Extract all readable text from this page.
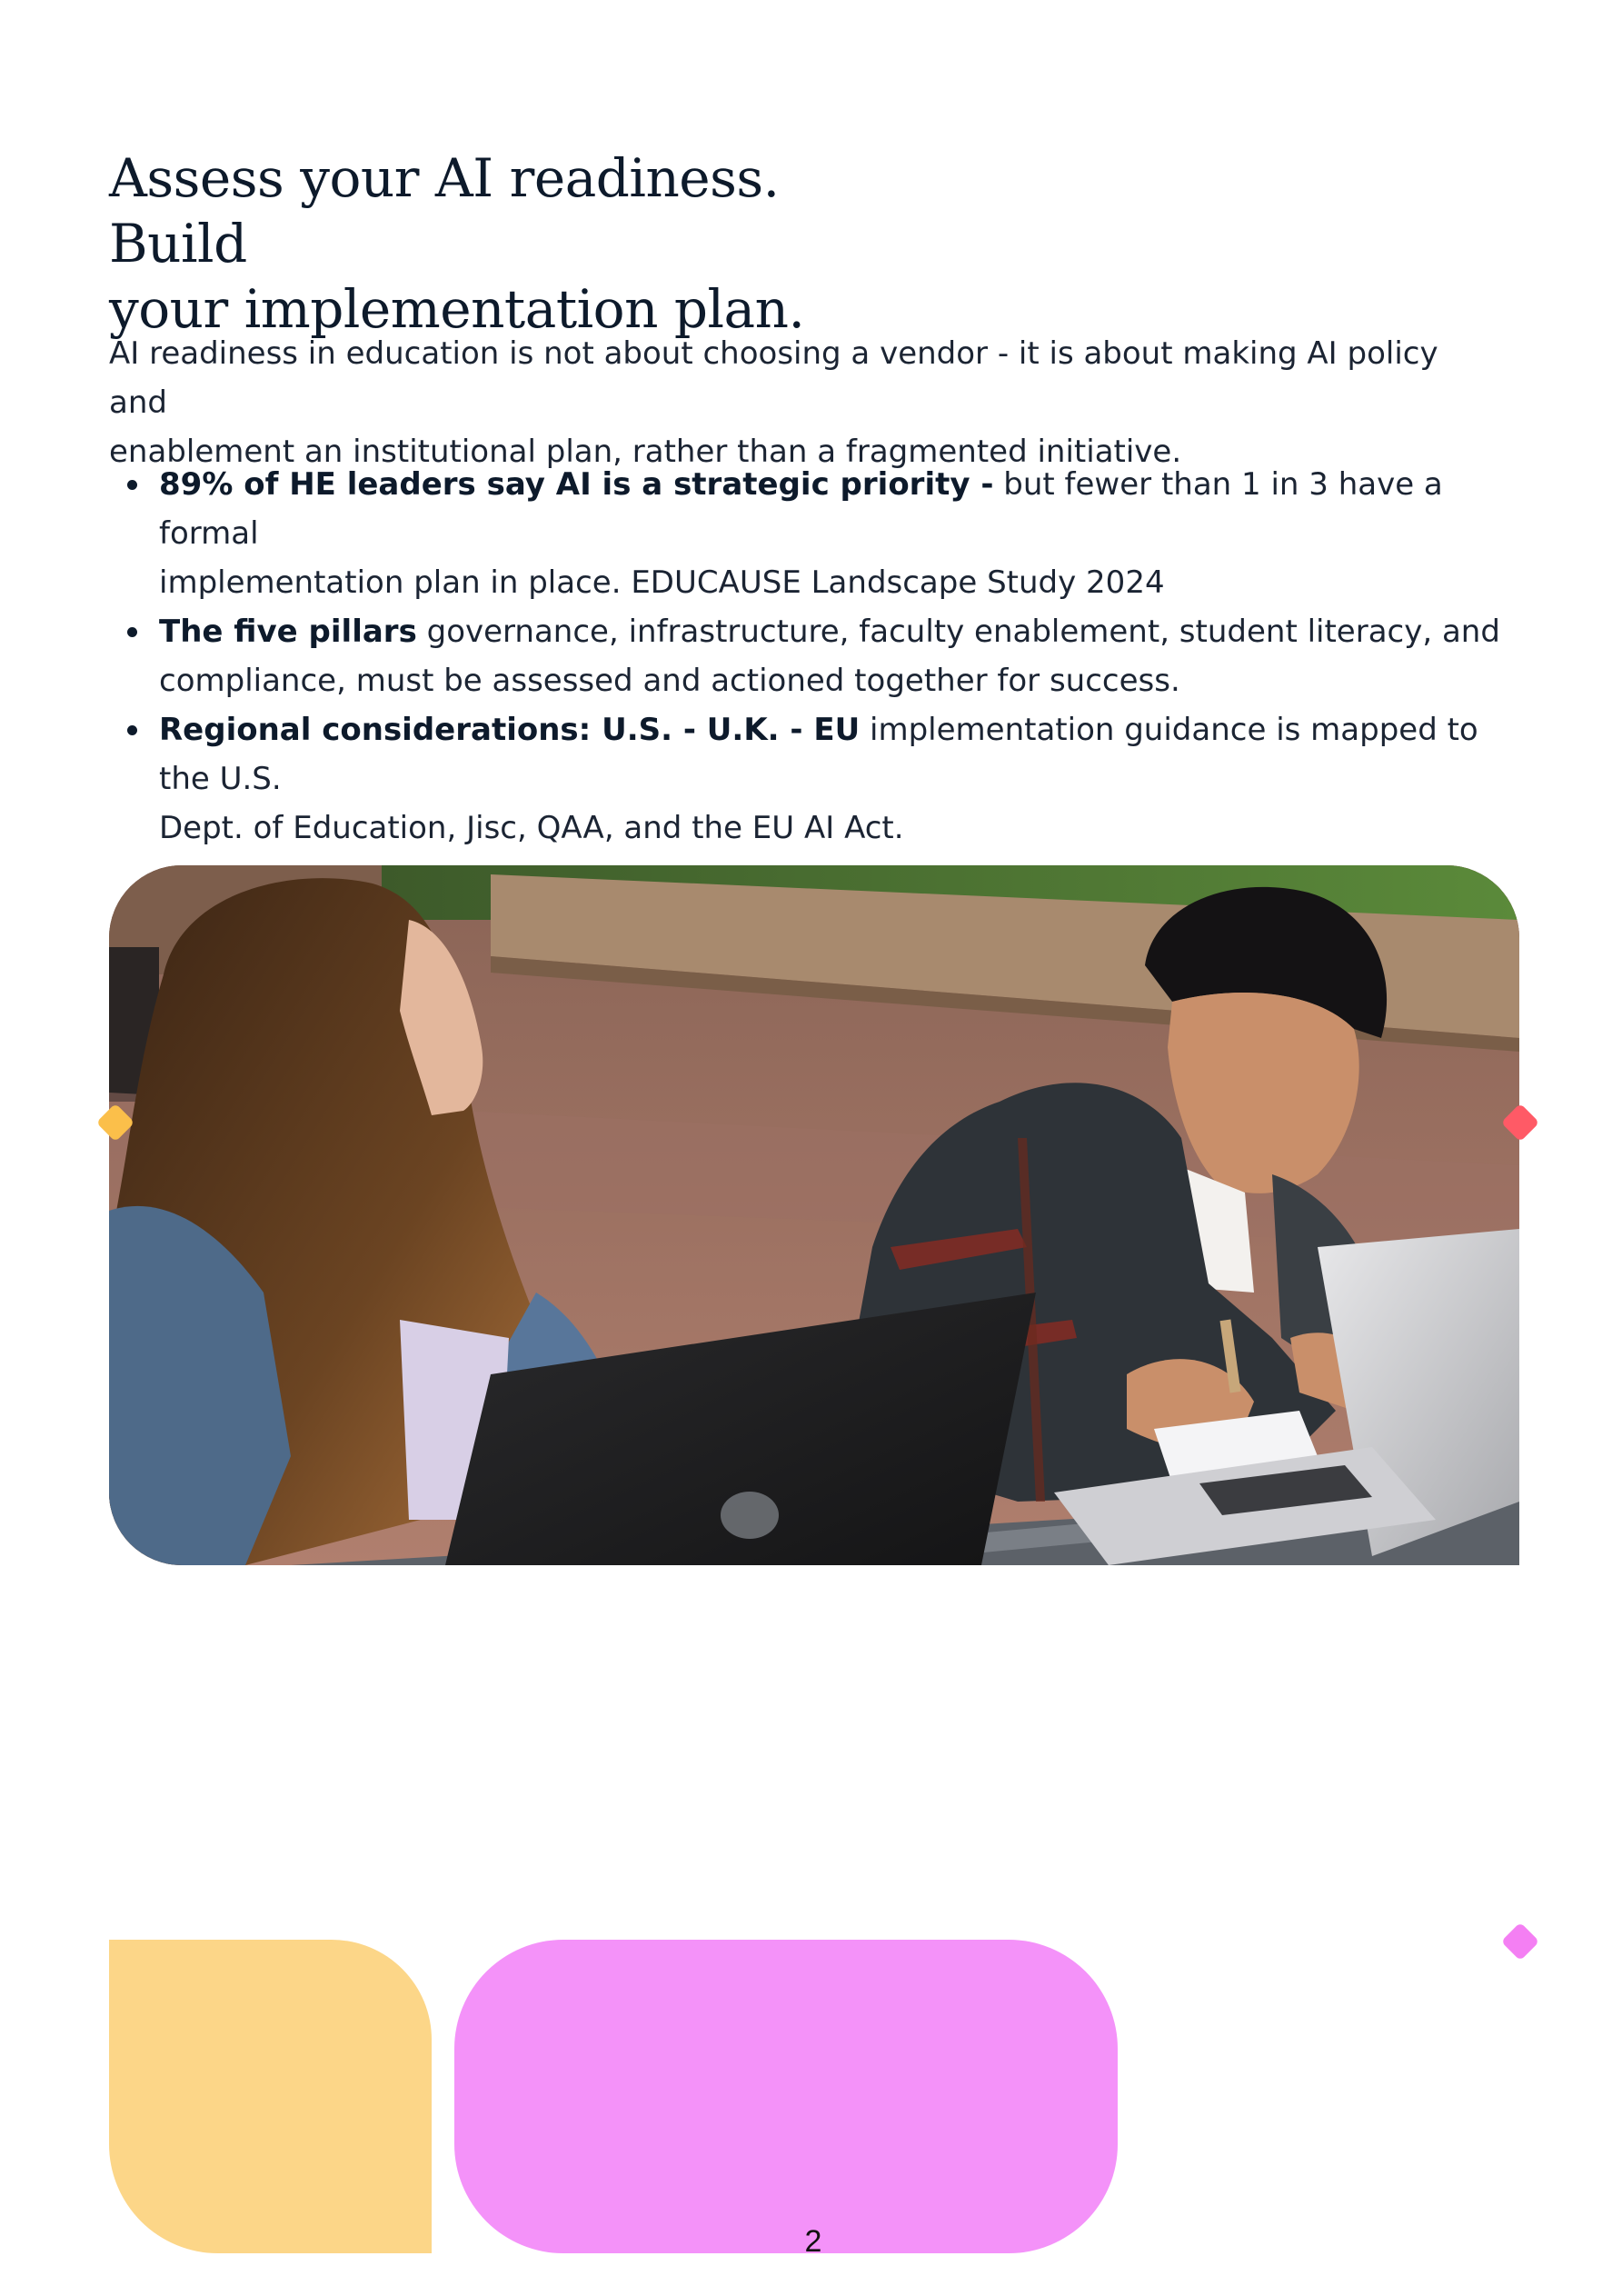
Assess your AI readiness. Build
your implementation plan.

AI readiness in education is not about choosing a vendor - it is about making AI policy and
enablement an institutional plan, rather than a fragmented initiative.

89% of HE leaders say AI is a strategic priority - but fewer than 1 in 3 have a formal
implementation plan in place. EDUCAUSE Landscape Study 2024
The five pillars governance, infrastructure, faculty enablement, student literacy, and
compliance, must be assessed and actioned together for success.
Regional considerations: U.S. - U.K. - EU implementation guidance is mapped to the U.S.
Dept. of Education, Jisc, QAA, and the EU AI Act.
2
